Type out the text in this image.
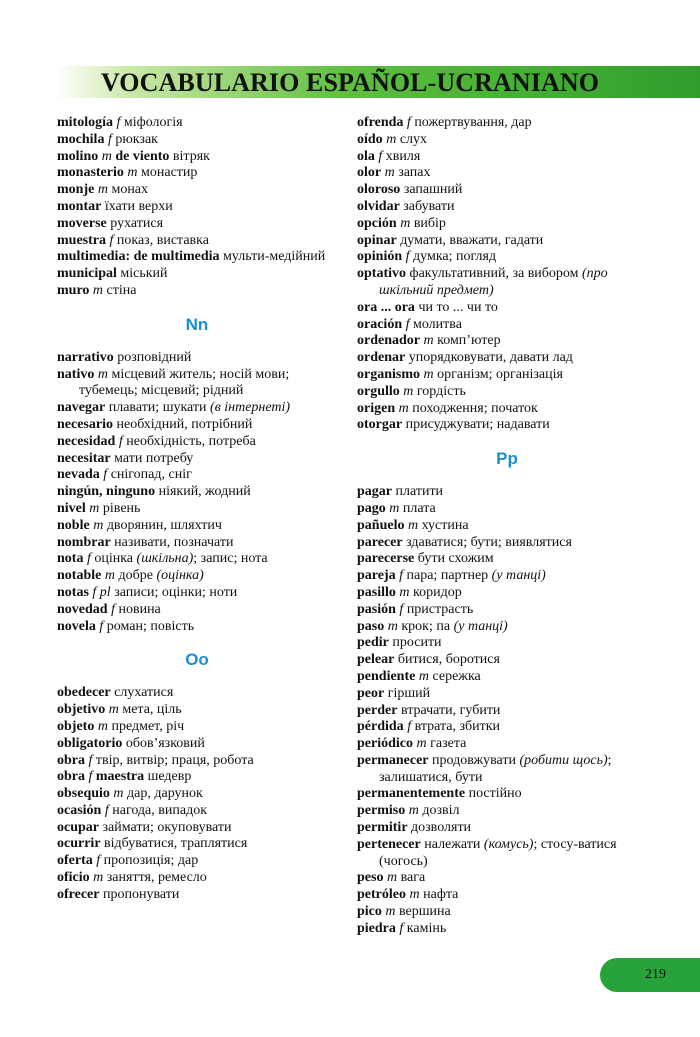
VOCABULARIO ESPAÑOL-UCRANIANO
mitología f міфологія
mochila f рюкзак
molino m de viento вітряк
monasterio m монастир
monje m монах
montar їхати верхи
moverse рухатися
muestra f показ, виставка
multimedia: de multimedia мульти-медійний
municipal міський
muro m стіна
Nn
narrativo розповідний
nativo m місцевий житель; носій мови; тубемець; місцевий; рідний
navegar плавати; шукати (в інтернеті)
necesario необхідний, потрібний
necesidad f необхідність, потреба
necesitar мати потребу
nevada f снігопад, сніг
ningún, ninguno ніякий, жодний
nivel m рівень
noble m дворянин, шляхтич
nombrar називати, позначати
nota f оцінка (шкільна); запис; нота
notable m добре (оцінка)
notas f pl записи; оцінки; ноти
novedad f новина
novela f роман; повість
Oo
obedecer слухатися
objetivo m мета, ціль
objeto m предмет, річ
obligatorio обов’язковий
obra f твір, витвір; праця, робота
obra f maestra шедевр
obsequio m дар, дарунок
ocasión f нагода, випадок
ocupar займати; окуповувати
ocurrir відбуватися, траплятися
oferta f пропозиція; дар
oficio m заняття, ремесло
ofrecer пропонувати
ofrenda f пожертвування, дар
oído m слух
ola f хвиля
olor m запах
oloroso запашний
olvidar забувати
opción m вибір
opinar думати, вважати, гадати
opinión f думка; погляд
optativo факультативний, за вибором (про шкільний предмет)
ora ... ora чи то ... чи то
oración f молитва
ordenador m комп’ютер
ordenar упорядковувати, давати лад
organismo m організм; організація
orgullo m гордість
origen m походження; початок
otorgar присуджувати; надавати
Pp
pagar платити
pago m плата
pañuelo m хустина
parecer здаватися; бути; виявлятися
parecerse бути схожим
pareja f пара; партнер (у танці)
pasillo m коридор
pasión f пристрасть
paso m крок; па (у танці)
pedir просити
pelear битися, боротися
pendiente m сережка
peor гірший
perder втрачати, губити
pérdida f втрата, збитки
periódico m газета
permanecer продовжувати (робити щось); залишатися, бути
permanentemente постійно
permiso m дозвіл
permitir дозволяти
pertenecer належати (комусь); стосу-ватися (чогось)
peso m вага
petróleo m нафта
pico m вершина
piedra f камінь
219
